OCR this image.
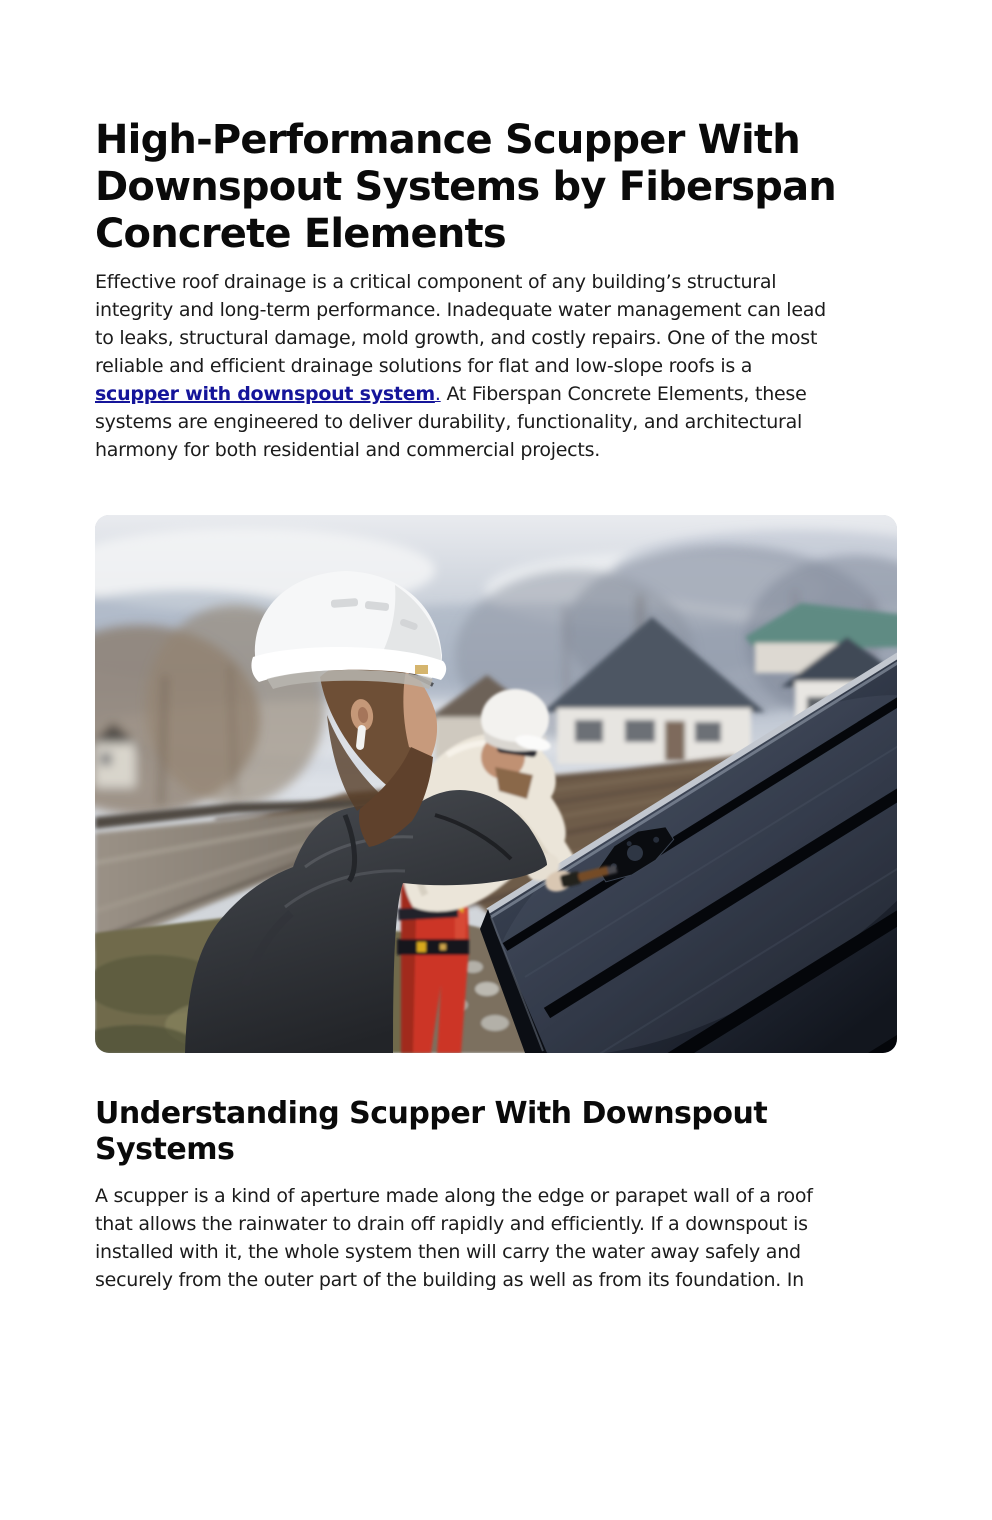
High-Performance Scupper With
Downspout Systems by Fiberspan
Concrete Elements
Effective roof drainage is a critical component of any building’s structural
integrity and long-term performance. Inadequate water management can lead
to leaks, structural damage, mold growth, and costly repairs. One of the most
reliable and efficient drainage solutions for flat and low-slope roofs is a
scupper with downspout system. At Fiberspan Concrete Elements, these
systems are engineered to deliver durability, functionality, and architectural
harmony for both residential and commercial projects.
Understanding Scupper With Downspout
Systems
A scupper is a kind of aperture made along the edge or parapet wall of a roof
that allows the rainwater to drain off rapidly and efficiently. If a downspout is
installed with it, the whole system then will carry the water away safely and
securely from the outer part of the building as well as from its foundation. In
